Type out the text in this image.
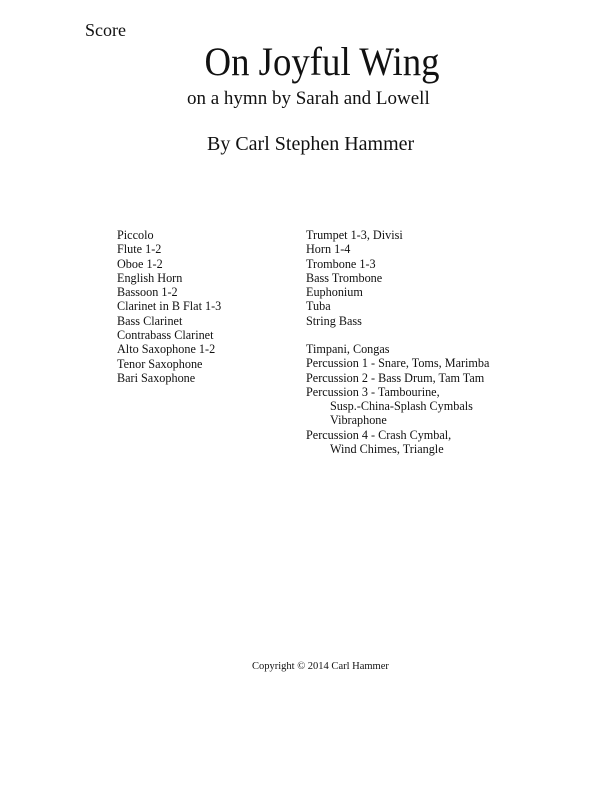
Score
On Joyful Wing
on a hymn by Sarah and Lowell
By Carl Stephen Hammer
Piccolo
Flute 1-2
Oboe 1-2
English Horn
Bassoon 1-2
Clarinet in B Flat 1-3
Bass Clarinet
Contrabass Clarinet
Alto Saxophone 1-2
Tenor Saxophone
Bari Saxophone
Trumpet 1-3, Divisi
Horn 1-4
Trombone 1-3
Bass Trombone
Euphonium
Tuba
String Bass
Timpani, Congas
Percussion 1 - Snare, Toms, Marimba
Percussion 2 - Bass Drum, Tam Tam
Percussion 3 - Tambourine,
Susp.-China-Splash Cymbals
Vibraphone
Percussion 4 - Crash Cymbal,
Wind Chimes, Triangle
Copyright © 2014 Carl Hammer
